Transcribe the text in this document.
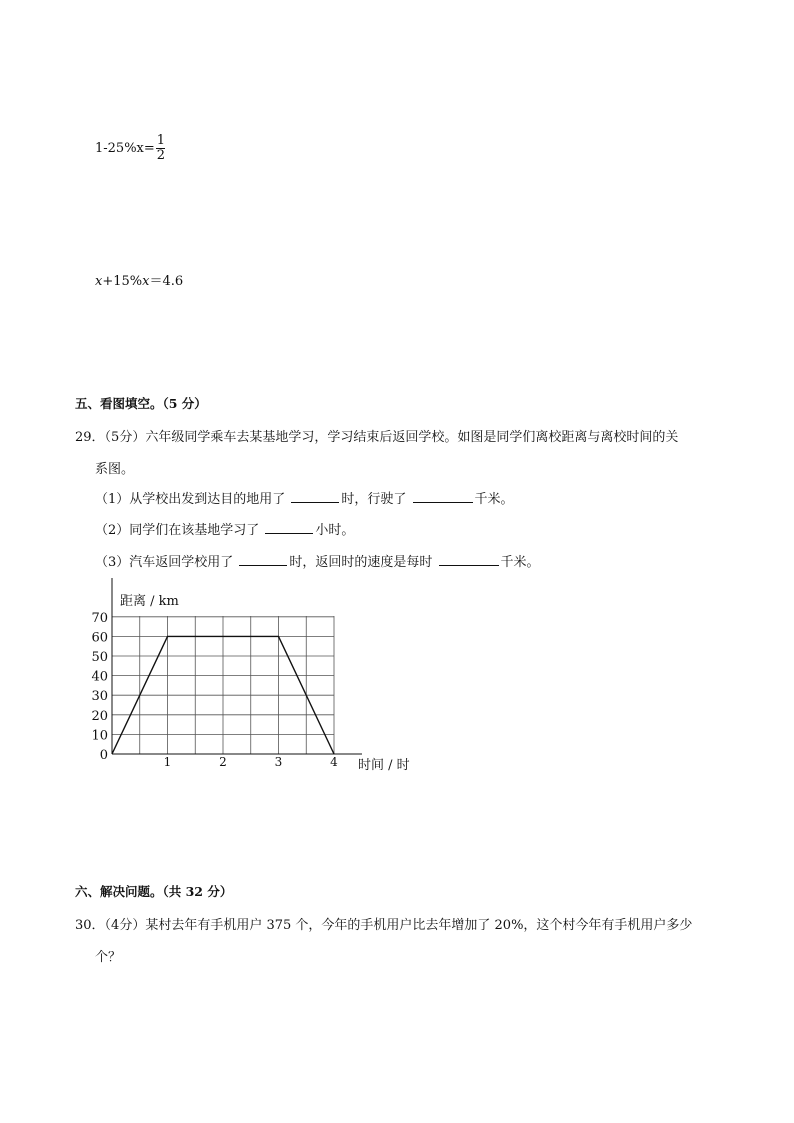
$1-25\%x= \frac{1}{2}$
x+15%x＝4.6
五、看图填空。（5 分）
29．（5分）六年级同学乘车去某基地学习，学习结束后返回学校。如图是同学们离校距离与离校时间的关
系图。
（1）从学校出发到达目的地用了	时，行驶了	千米。
（2）同学们在该基地学习了	小时。
（3）汽车返回学校用了	时，返回时的速度是每时	千米。
0
10
20
30
40
50
60
70
1	2	3	4
距离 / km
时间 / 时
六、解决问题。（共 32 分）
30．（4分）某村去年有手机用户 375 个，今年的手机用户比去年增加了 20%，这个村今年有手机用户多少
个？
